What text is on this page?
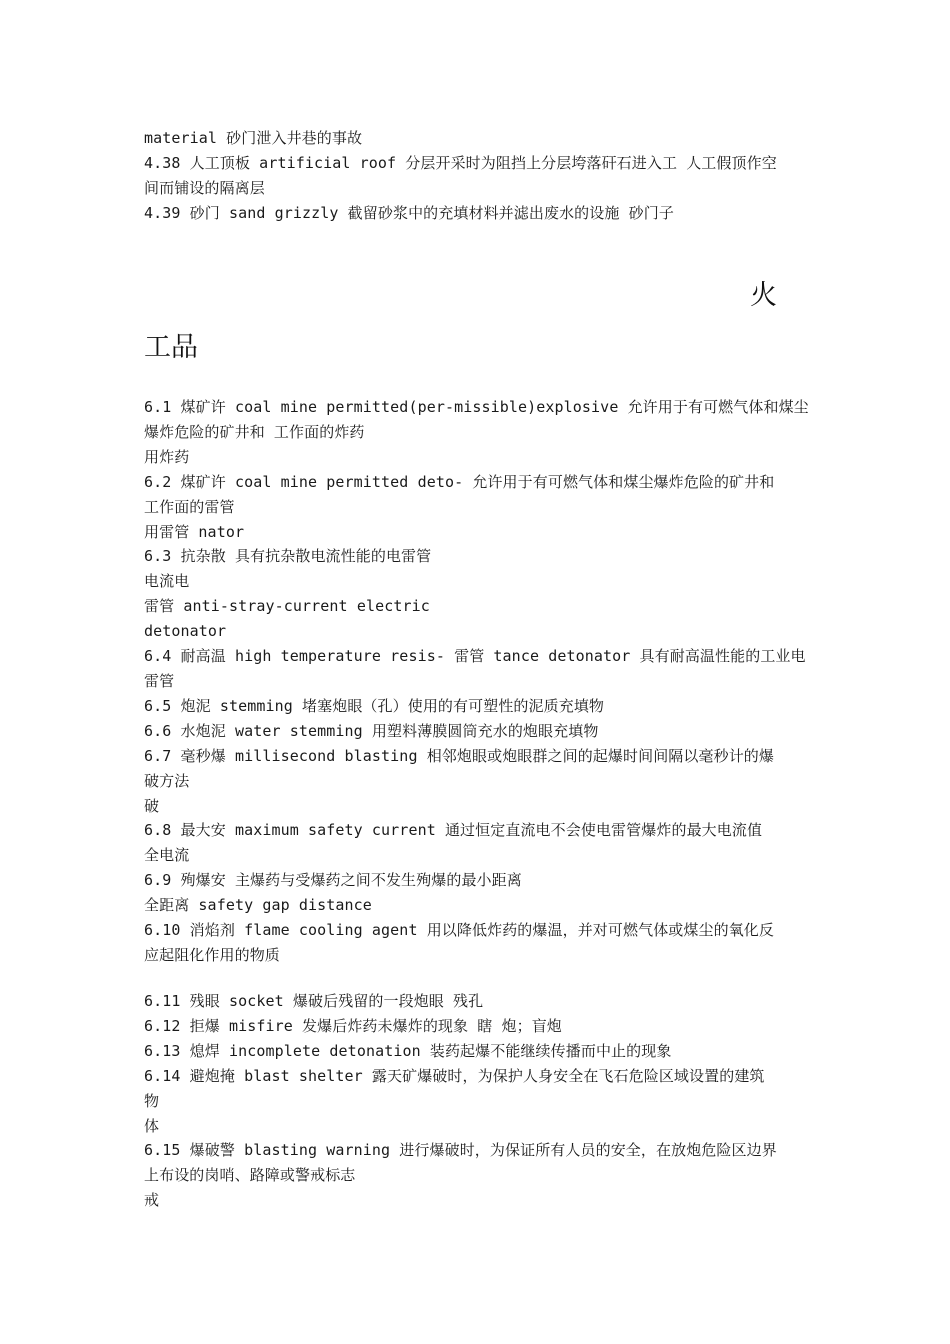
material 砂门泄入井巷的事故
4.38 人工顶板 artificial roof 分层开采时为阻挡上分层垮落矸石进入工 人工假顶作空
间而铺设的隔离层
4.39 砂门 sand grizzly 截留砂浆中的充填材料并滤出废水的设施 砂门子
火
工品
6.1 煤矿许 coal mine permitted(per-missible)explosive 允许用于有可燃气体和煤尘
爆炸危险的矿井和 工作面的炸药
用炸药
6.2 煤矿许 coal mine permitted deto- 允许用于有可燃气体和煤尘爆炸危险的矿井和
工作面的雷管
用雷管 nator
6.3 抗杂散 具有抗杂散电流性能的电雷管
电流电
雷管 anti-stray-current electric
detonator
6.4 耐高温 high temperature resis- 雷管 tance detonator 具有耐高温性能的工业电
雷管
6.5 炮泥 stemming 堵塞炮眼（孔）使用的有可塑性的泥质充填物
6.6 水炮泥 water stemming 用塑料薄膜圆筒充水的炮眼充填物
6.7 毫秒爆 millisecond blasting 相邻炮眼或炮眼群之间的起爆时间间隔以毫秒计的爆
破方法
破
6.8 最大安 maximum safety current 通过恒定直流电不会使电雷管爆炸的最大电流值
全电流
6.9 殉爆安 主爆药与受爆药之间不发生殉爆的最小距离
全距离 safety gap distance
6.10 消焰剂 flame cooling agent 用以降低炸药的爆温，并对可燃气体或煤尘的氧化反
应起阻化作用的物质
6.11 残眼 socket 爆破后残留的一段炮眼 残孔
6.12 拒爆 misfire 发爆后炸药未爆炸的现象 瞎 炮；盲炮
6.13 熄焊 incomplete detonation 装药起爆不能继续传播而中止的现象
6.14 避炮掩 blast shelter 露天矿爆破时，为保护人身安全在飞石危险区域设置的建筑
物
体
6.15 爆破警 blasting warning 进行爆破时，为保证所有人员的安全，在放炮危险区边界
上布设的岗哨、路障或警戒标志
戒
